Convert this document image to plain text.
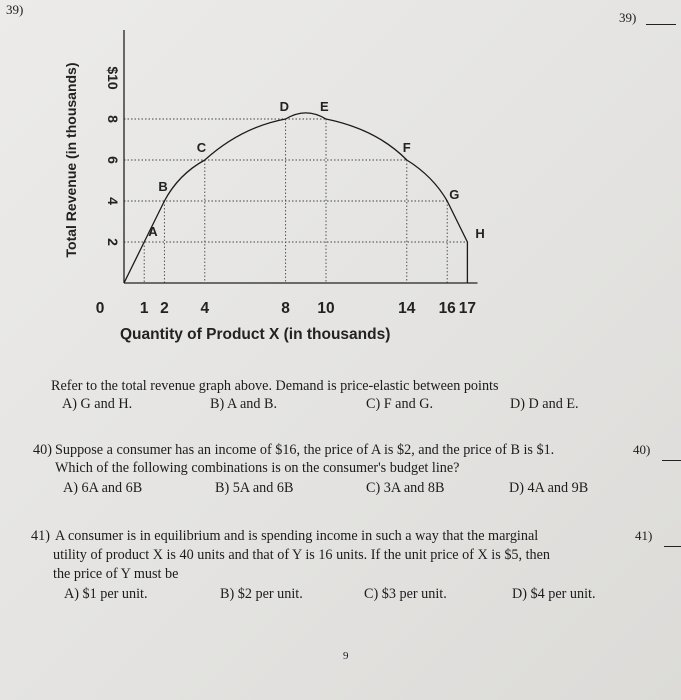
39)
39)
A
B
C
D E
F
G
H
2
4
6
8
$10
0 1 2 4	8 10	14 16 17
Total Revenue (in thousands)
Quantity of Product X (in thousands)
Refer to the total revenue graph above. Demand is price-elastic between points
A) G and H.	B) A and B.	C) F and G.	D) D and E.
40) Suppose a consumer has an income of $16, the price of A is $2, and the price of B is $1.
Which of the following combinations is on the consumer's budget line?
A) 6A and 6B	B) 5A and 6B	C) 3A and 8B	D) 4A and 9B
40)
41) A consumer is in equilibrium and is spending income in such a way that the marginal
utility of product X is 40 units and that of Y is 16 units. If the unit price of X is $5, then
the price of Y must be
A) $1 per unit.	B) $2 per unit.	C) $3 per unit.	D) $4 per unit.
41)
9
